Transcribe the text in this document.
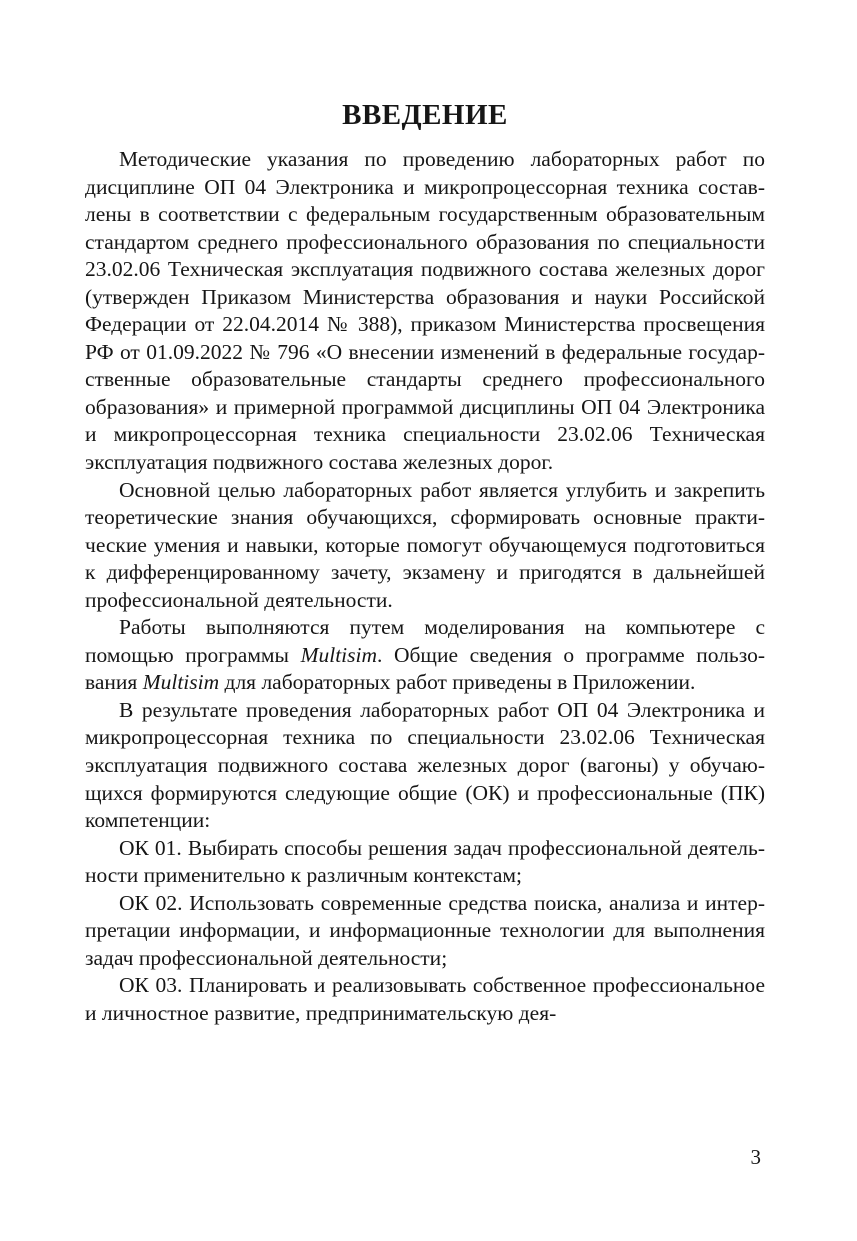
ВВЕДЕНИЕ

Методические указания по проведению лабораторных работ по дисциплине ОП 04 Электроника и микропроцессорная техника составлены в соответствии с федеральным государственным образовательным стандартом среднего профессионального образования по специальности 23.02.06 Техническая эксплуатация подвижного состава железных дорог (утвержден Приказом Министерства образования и науки Российской Федерации от 22.04.2014 № 388), приказом Министерства просвещения РФ от 01.09.2022 № 796 «О внесении изменений в федеральные государственные образовательные стандарты среднего профессионального образования» и примерной программой дисциплины ОП 04 Электроника и микропроцессорная техника специальности 23.02.06 Техническая эксплуатация подвижного состава железных дорог.

Основной целью лабораторных работ является углубить и закрепить теоретические знания обучающихся, сформировать основные практические умения и навыки, которые помогут обучающемуся подготовиться к дифференцированному зачету, экзамену и пригодятся в дальнейшей профессиональной деятельности.

Работы выполняются путем моделирования на компьютере с помощью программы Multisim. Общие сведения о программе пользования Multisim для лабораторных работ приведены в Приложении.

В результате проведения лабораторных работ ОП 04 Электроника и микропроцессорная техника по специальности 23.02.06 Техническая эксплуатация подвижного состава железных дорог (вагоны) у обучающихся формируются следующие общие (ОК) и профессиональные (ПК) компетенции:

ОК 01. Выбирать способы решения задач профессиональной деятельности применительно к различным контекстам;

ОК 02. Использовать современные средства поиска, анализа и интерпретации информации, и информационные технологии для выполнения задач профессиональной деятельности;

ОК 03. Планировать и реализовывать собственное профессиональное и личностное развитие, предпринимательскую дея-

3
